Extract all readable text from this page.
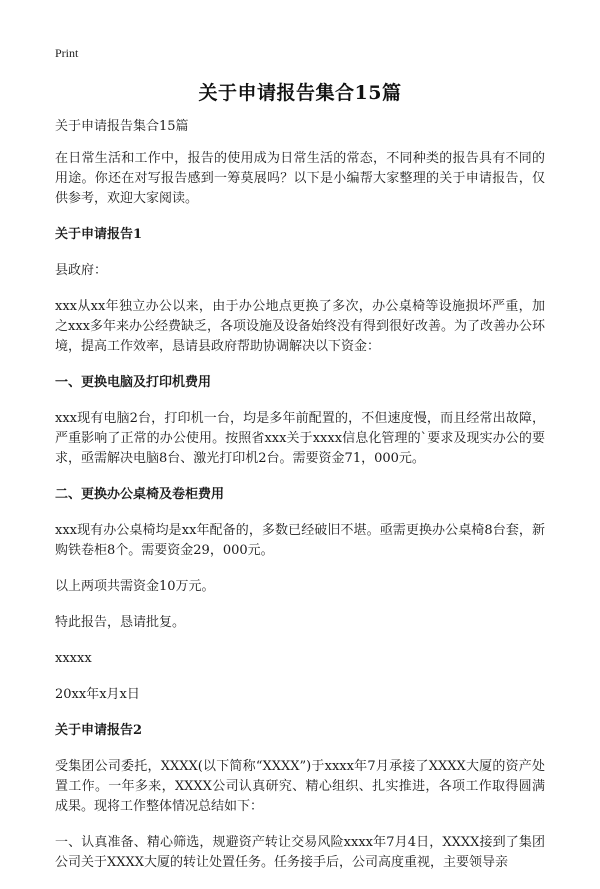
Print
关于申请报告集合15篇

关于申请报告集合15篇

在日常生活和工作中，报告的使用成为日常生活的常态，不同种类的报告具有不同的用途。你还在对写报告感到一筹莫展吗？以下是小编帮大家整理的关于申请报告，仅供参考，欢迎大家阅读。

关于申请报告1

县政府：

xxx从xx年独立办公以来，由于办公地点更换了多次，办公桌椅等设施损坏严重，加之xxx多年来办公经费缺乏，各项设施及设备始终没有得到很好改善。为了改善办公环境，提高工作效率，恳请县政府帮助协调解决以下资金：

一、更换电脑及打印机费用

xxx现有电脑2台，打印机一台，均是多年前配置的，不但速度慢，而且经常出故障，严重影响了正常的办公使用。按照省xxx关于xxxx信息化管理的`要求及现实办公的要求，亟需解决电脑8台、激光打印机2台。需要资金71，000元。

二、更换办公桌椅及卷柜费用

xxx现有办公桌椅均是xx年配备的，多数已经破旧不堪。亟需更换办公桌椅8台套，新购铁卷柜8个。需要资金29，000元。

以上两项共需资金10万元。

特此报告，恳请批复。

xxxxx

20xx年x月x日

关于申请报告2

受集团公司委托，XXXX(以下简称“XXXX”)于xxxx年7月承接了XXXX大厦的资产处置工作。一年多来，XXXX公司认真研究、精心组织、扎实推进，各项工作取得圆满成果。现将工作整体情况总结如下：

一、认真准备、精心筛选，规避资产转让交易风险xxxx年7月4日，XXXX接到了集团公司关于XXXX大厦的转让处置任务。任务接手后，公司高度重视，主要领导亲
